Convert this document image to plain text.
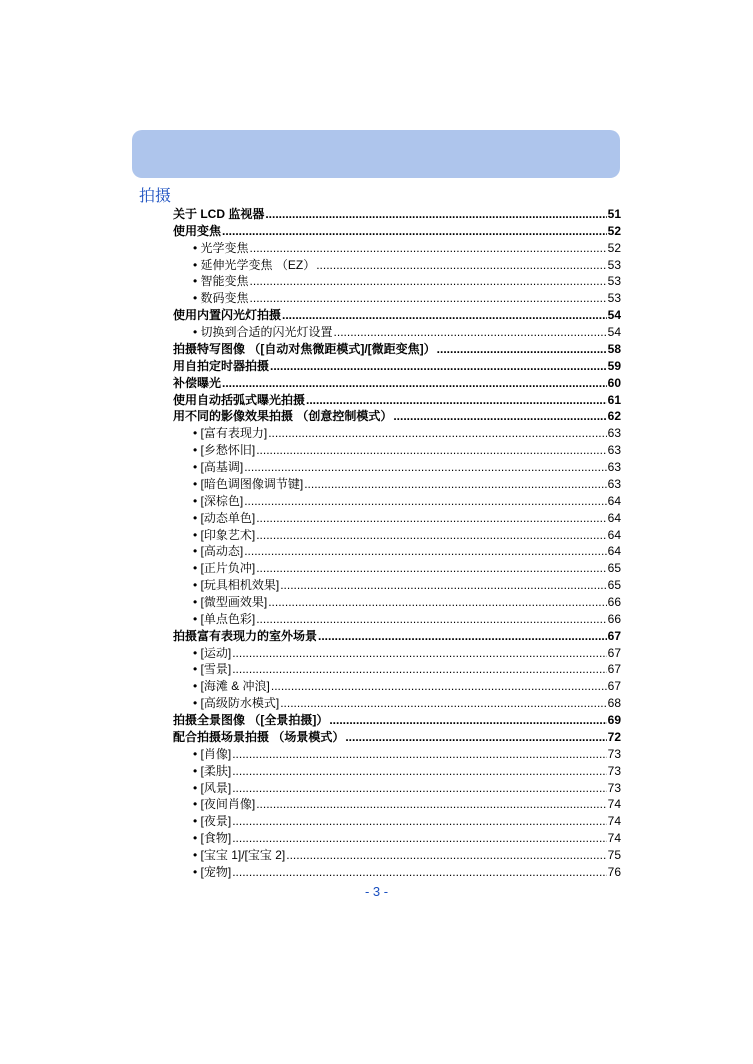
拍摄
关于 LCD 监视器 .....	51
使用变焦 .....	52
• 光学变焦 .....	52
• 延伸光学变焦 （EZ） .....	53
• 智能变焦 .....	53
• 数码变焦 .....	53
使用内置闪光灯拍摄 .....	54
• 切换到合适的闪光灯设置 .....	54
拍摄特写图像 （[自动对焦微距模式]/[微距变焦]） .....	58
用自拍定时器拍摄 .....	59
补偿曝光 .....	60
使用自动括弧式曝光拍摄 .....	61
用不同的影像效果拍摄 （创意控制模式） .....	62
• [富有表现力] .....	63
• [乡愁怀旧] .....	63
• [高基调] .....	63
• [暗色调图像调节键] .....	63
• [深棕色] .....	64
• [动态单色] .....	64
• [印象艺术] .....	64
• [高动态] .....	64
• [正片负冲] .....	65
• [玩具相机效果] .....	65
• [微型画效果] .....	66
• [单点色彩] .....	66
拍摄富有表现力的室外场景 .....	67
• [运动] .....	67
• [雪景] .....	67
• [海滩 & 冲浪] .....	67
• [高级防水模式] .....	68
拍摄全景图像 （[全景拍摄]） .....	69
配合拍摄场景拍摄 （场景模式） .....	72
• [肖像] .....	73
• [柔肤] .....	73
• [风景] .....	73
• [夜间肖像] .....	74
• [夜景] .....	74
• [食物] .....	74
• [宝宝 1]/[宝宝 2] .....	75
• [宠物] .....	76
- 3 -
